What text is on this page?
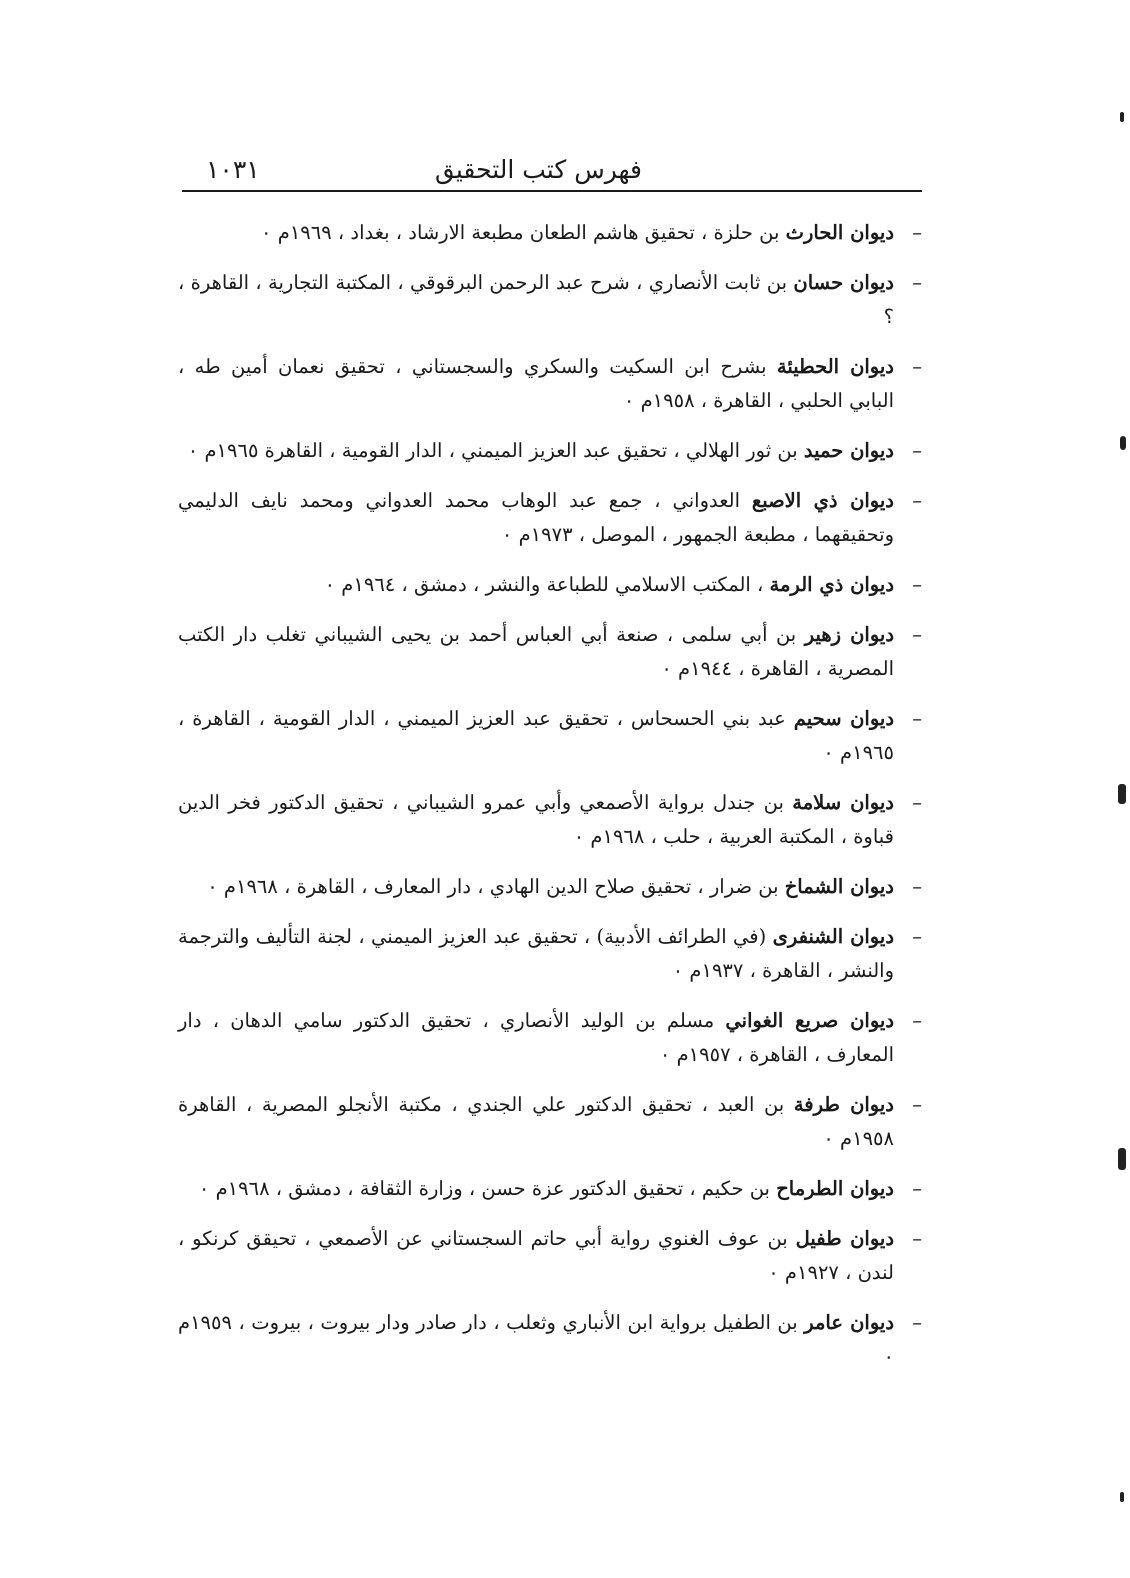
فهرس كتب التحقيق
١٠٣١
–
ديوان الحارث بن حلزة ، تحقيق هاشم الطعان مطبعة الارشاد ، بغداد ، ١٩٦٩م ٠
–
ديوان حسان بن ثابت الأنصاري ، شرح عبد الرحمن البرقوقي ، المكتبة التجارية ، القاهرة ، ؟
–
ديوان الحطيئة بشرح ابن السكيت والسكري والسجستاني ، تحقيق نعمان أمين طه ، البابي الحلبي ، القاهرة ، ١٩٥٨م ٠
–
ديوان حميد بن ثور الهلالي ، تحقيق عبد العزيز الميمني ، الدار القومية ، القاهرة ١٩٦٥م ٠
–
ديوان ذي الاصبع العدواني ، جمع عبد الوهاب محمد العدواني ومحمد نايف الدليمي وتحقيقهما ، مطبعة الجمهور ، الموصل ، ١٩٧٣م ٠
–
ديوان ذي الرمة ، المكتب الاسلامي للطباعة والنشر ، دمشق ، ١٩٦٤م ٠
–
ديوان زهير بن أبي سلمى ، صنعة أبي العباس أحمد بن يحيى الشيباني تغلب دار الكتب المصرية ، القاهرة ، ١٩٤٤م ٠
–
ديوان سحيم عبد بني الحسحاس ، تحقيق عبد العزيز الميمني ، الدار القومية ، القاهرة ، ١٩٦٥م ٠
–
ديوان سلامة بن جندل برواية الأصمعي وأبي عمرو الشيباني ، تحقيق الدكتور فخر الدين قباوة ، المكتبة العربية ، حلب ، ١٩٦٨م ٠
–
ديوان الشماخ بن ضرار ، تحقيق صلاح الدين الهادي ، دار المعارف ، القاهرة ، ١٩٦٨م ٠
–
ديوان الشنفرى (في الطرائف الأدبية) ، تحقيق عبد العزيز الميمني ، لجنة التأليف والترجمة والنشر ، القاهرة ، ١٩٣٧م ٠
–
ديوان صريع الغواني مسلم بن الوليد الأنصاري ، تحقيق الدكتور سامي الدهان ، دار المعارف ، القاهرة ، ١٩٥٧م ٠
–
ديوان طرفة بن العبد ، تحقيق الدكتور علي الجندي ، مكتبة الأنجلو المصرية ، القاهرة ١٩٥٨م ٠
–
ديوان الطرماح بن حكيم ، تحقيق الدكتور عزة حسن ، وزارة الثقافة ، دمشق ، ١٩٦٨م ٠
–
ديوان طفيل بن عوف الغنوي رواية أبي حاتم السجستاني عن الأصمعي ، تحيقق كرنكو ، لندن ، ١٩٢٧م ٠
–
ديوان عامر بن الطفيل برواية ابن الأنباري وثعلب ، دار صادر ودار بيروت ، بيروت ، ١٩٥٩م ٠
